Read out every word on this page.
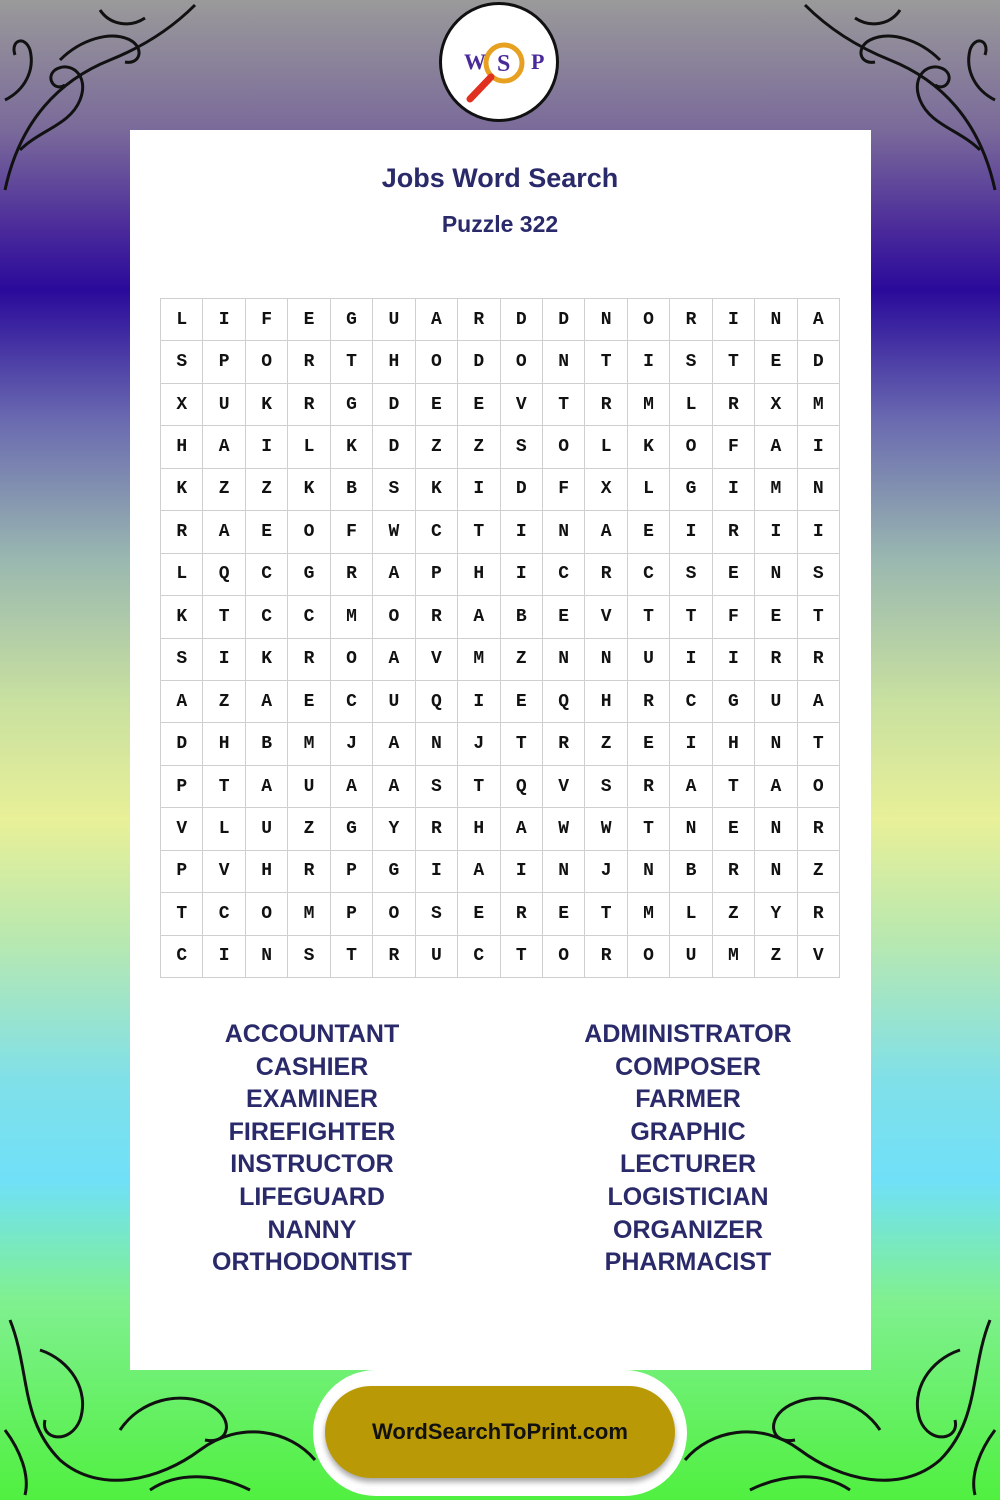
W S P
Jobs Word Search
Puzzle 322
L	I	F	E	G	U	A	R	D	D	N	O	R	I	N	A
S	P	O	R	T	H	O	D	O	N	T	I	S	T	E	D
X	U	K	R	G	D	E	E	V	T	R	M	L	R	X	M
H	A	I	L	K	D	Z	Z	S	O	L	K	O	F	A	I
K	Z	Z	K	B	S	K	I	D	F	X	L	G	I	M	N
R	A	E	O	F	W	C	T	I	N	A	E	I	R	I	I
L	Q	C	G	R	A	P	H	I	C	R	C	S	E	N	S
K	T	C	C	M	O	R	A	B	E	V	T	T	F	E	T
S	I	K	R	O	A	V	M	Z	N	N	U	I	I	R	R
A	Z	A	E	C	U	Q	I	E	Q	H	R	C	G	U	A
D	H	B	M	J	A	N	J	T	R	Z	E	I	H	N	T
P	T	A	U	A	A	S	T	Q	V	S	R	A	T	A	O
V	L	U	Z	G	Y	R	H	A	W	W	T	N	E	N	R
P	V	H	R	P	G	I	A	I	N	J	N	B	R	N	Z
T	C	O	M	P	O	S	E	R	E	T	M	L	Z	Y	R
C	I	N	S	T	R	U	C	T	O	R	O	U	M	Z	V
ACCOUNTANT
CASHIER
EXAMINER
FIREFIGHTER
INSTRUCTOR
LIFEGUARD
NANNY
ORTHODONTIST
ADMINISTRATOR
COMPOSER
FARMER
GRAPHIC
LECTURER
LOGISTICIAN
ORGANIZER
PHARMACIST
WordSearchToPrint.com
